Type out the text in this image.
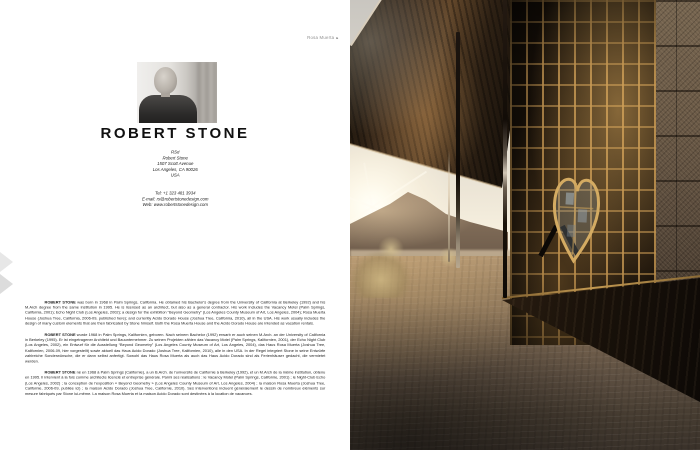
Rosa Muerta ▸
ROBERT STONE
RSd
Robert Stone
1507 Scott Avenue
Los Angeles, CA 90026
USA
Tel: +1 323 481 3934
E-mail: rs@robertstonedesign.com
Web: www.robertstonedesign.com

ROBERT STONE was born in 1968 in Palm Springs, California. He obtained his Bachelor's degree from the University of California at Berkeley (1992) and his M.Arch degree from the same institution in 1995. He is licensed as an architect, but also as a general contractor. His work includes the Vacancy Motel (Palm Springs, California, 2001); Echo Night Club (Los Angeles, 2002); a design for the exhibition “Beyond Geometry” (Los Angeles County Museum of Art, Los Angeles, 2004); Rosa Muerta House (Joshua Tree, California, 2006-09, published here); and currently Acido Dorado House (Joshua Tree, California, 2010), all in the USA. His work usually includes the design of many custom elements that are then fabricated by Stone himself. Both the Rosa Muerta House and the Acido Dorado House are intended as vacation rentals.

ROBERT STONE wurde 1968 in Palm Springs, Kalifornien, geboren. Nach seinem Bachelor (1992) erwarb er auch seinen M.Arch. an der University of California in Berkeley (1995). Er ist eingetragener Architekt und Bauunternehmer. Zu seinen Projekten zählen das Vacancy Motel (Palm Springs, Kalifornien, 2001), der Echo Night Club (Los Angeles, 2002), ein Entwurf für die Ausstellung “Beyond Geometry” (Los Angeles County Museum of Art, Los Angeles, 2004), das Haus Rosa Muerta (Joshua Tree, Kalifornien, 2006-09, hier vorgestellt) sowie aktuell das Haus Acido Dorado (Joshua Tree, Kalifornien, 2010), alle in den USA. In der Regel integriert Stone in seine Entwürfe zahlreiche Sonderwünsche, die er dann selbst anfertigt. Sowohl das Haus Rosa Muerta als auch das Haus Acido Dorado sind als Ferienhäuser gedacht, die vermietet werden.

ROBERT STONE né en 1968 à Palm Springs (Californie), a un B.Arch. de l'université de Californie à Berkeley (1992), et un M.Arch de la même institution, obtenu en 1995. Il intervient à la fois comme architecte licencié et entreprise générale. Parmi ses réalisations : le Vacancy Motel (Palm Springs, Californie, 2001) ; le Night-Club Echo (Los Angeles, 2002) ; la conception de l'exposition « Beyond Geometry » (Los Angeles County Museum of Art, Los Angeles, 2004) ; la maison Rosa Muerta (Joshua Tree, Californie, 2006-09, publiée ici) ; la maison Acido Dorado (Joshua Tree, Californie, 2010). Ses interventions incluent généralement le dessin de nombreux éléments sur mesure fabriqués par Stone lui-même. La maison Rosa Muerta et la maison Acido Dorado sont destinées à la location de vacances.
